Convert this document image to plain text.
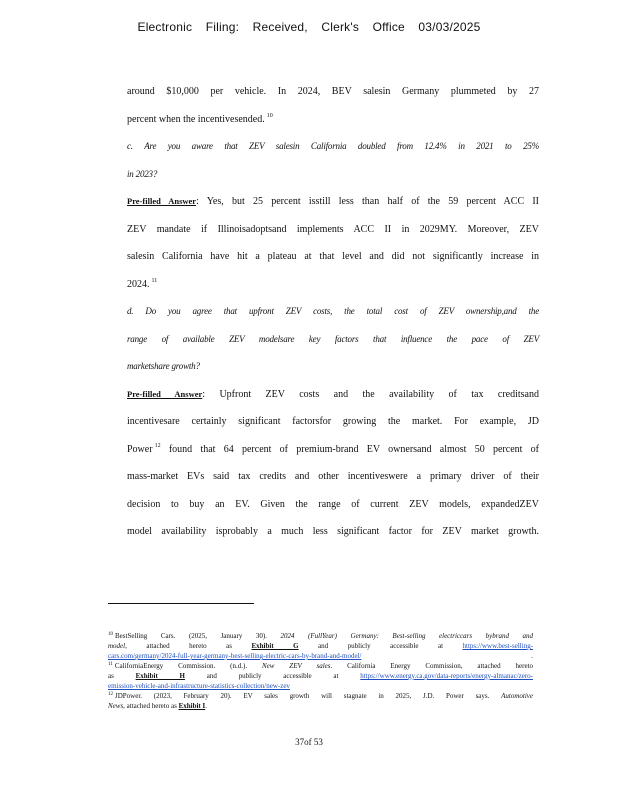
Electronic Filing: Received, Clerk's Office 03/03/2025
around $10,000 per vehicle. In 2024, BEV salesin Germany plummeted by 27
percent when the incentivesended. $^{10}$
c. Are you aware that ZEV salesin California doubled from 12.4% in 2021 to 25%
in 2023?
Pre-filled Answer: Yes, but 25 percent isstill less than half of the 59 percent ACC II
ZEV mandate if Illinoisadoptsand implements ACC II in 2029MY. Moreover, ZEV
salesin California have hit a plateau at that level and did not significantly increase in
2024. $^{11}$
d. Do you agree that upfront ZEV costs, the total cost of ZEV ownership,and the
range of available ZEV modelsare key factors that influence the pace of ZEV
marketshare growth?
Pre-filled Answer: Upfront ZEV costs and the availability of tax creditsand
incentivesare certainly significant factorsfor growing the market. For example, JD
Power $^{12}$ found that 64 percent of premium-brand EV ownersand almost 50 percent of
mass-market EVs said tax credits and other incentiveswere a primary driver of their
decision to buy an EV. Given the range of current ZEV models, expandedZEV
model availability isprobably a much less significant factor for ZEV market growth.
$^{10}$ BestSelling Cars. (2025, January 30). 2024 (FullYear) Germany: Best-selling electriccars bybrand and
model, attached hereto as	Exhibit G	and publicly accessible at	https://www.best-selling-
cars.com/germany/2024-full-year-germany-best-selling-electric-cars-by-brand-and-model/	.
$^{11}$ CaliforniaEnergy Commission. (n.d.). New ZEV sales. California Energy Commission, attached hereto
as	Exhibit H	and publicly accessible at	https://www.energy.ca.gov/data-reports/energy-almanac/zero-
emission-vehicle-and-infrastructure-statistics-collection/new-zev
$^{12}$ JDPower. (2023, February 20). EV sales growth will stagnate in 2025, J.D. Power says. Automotive
News, attached hereto as Exhibit I.
37of 53
